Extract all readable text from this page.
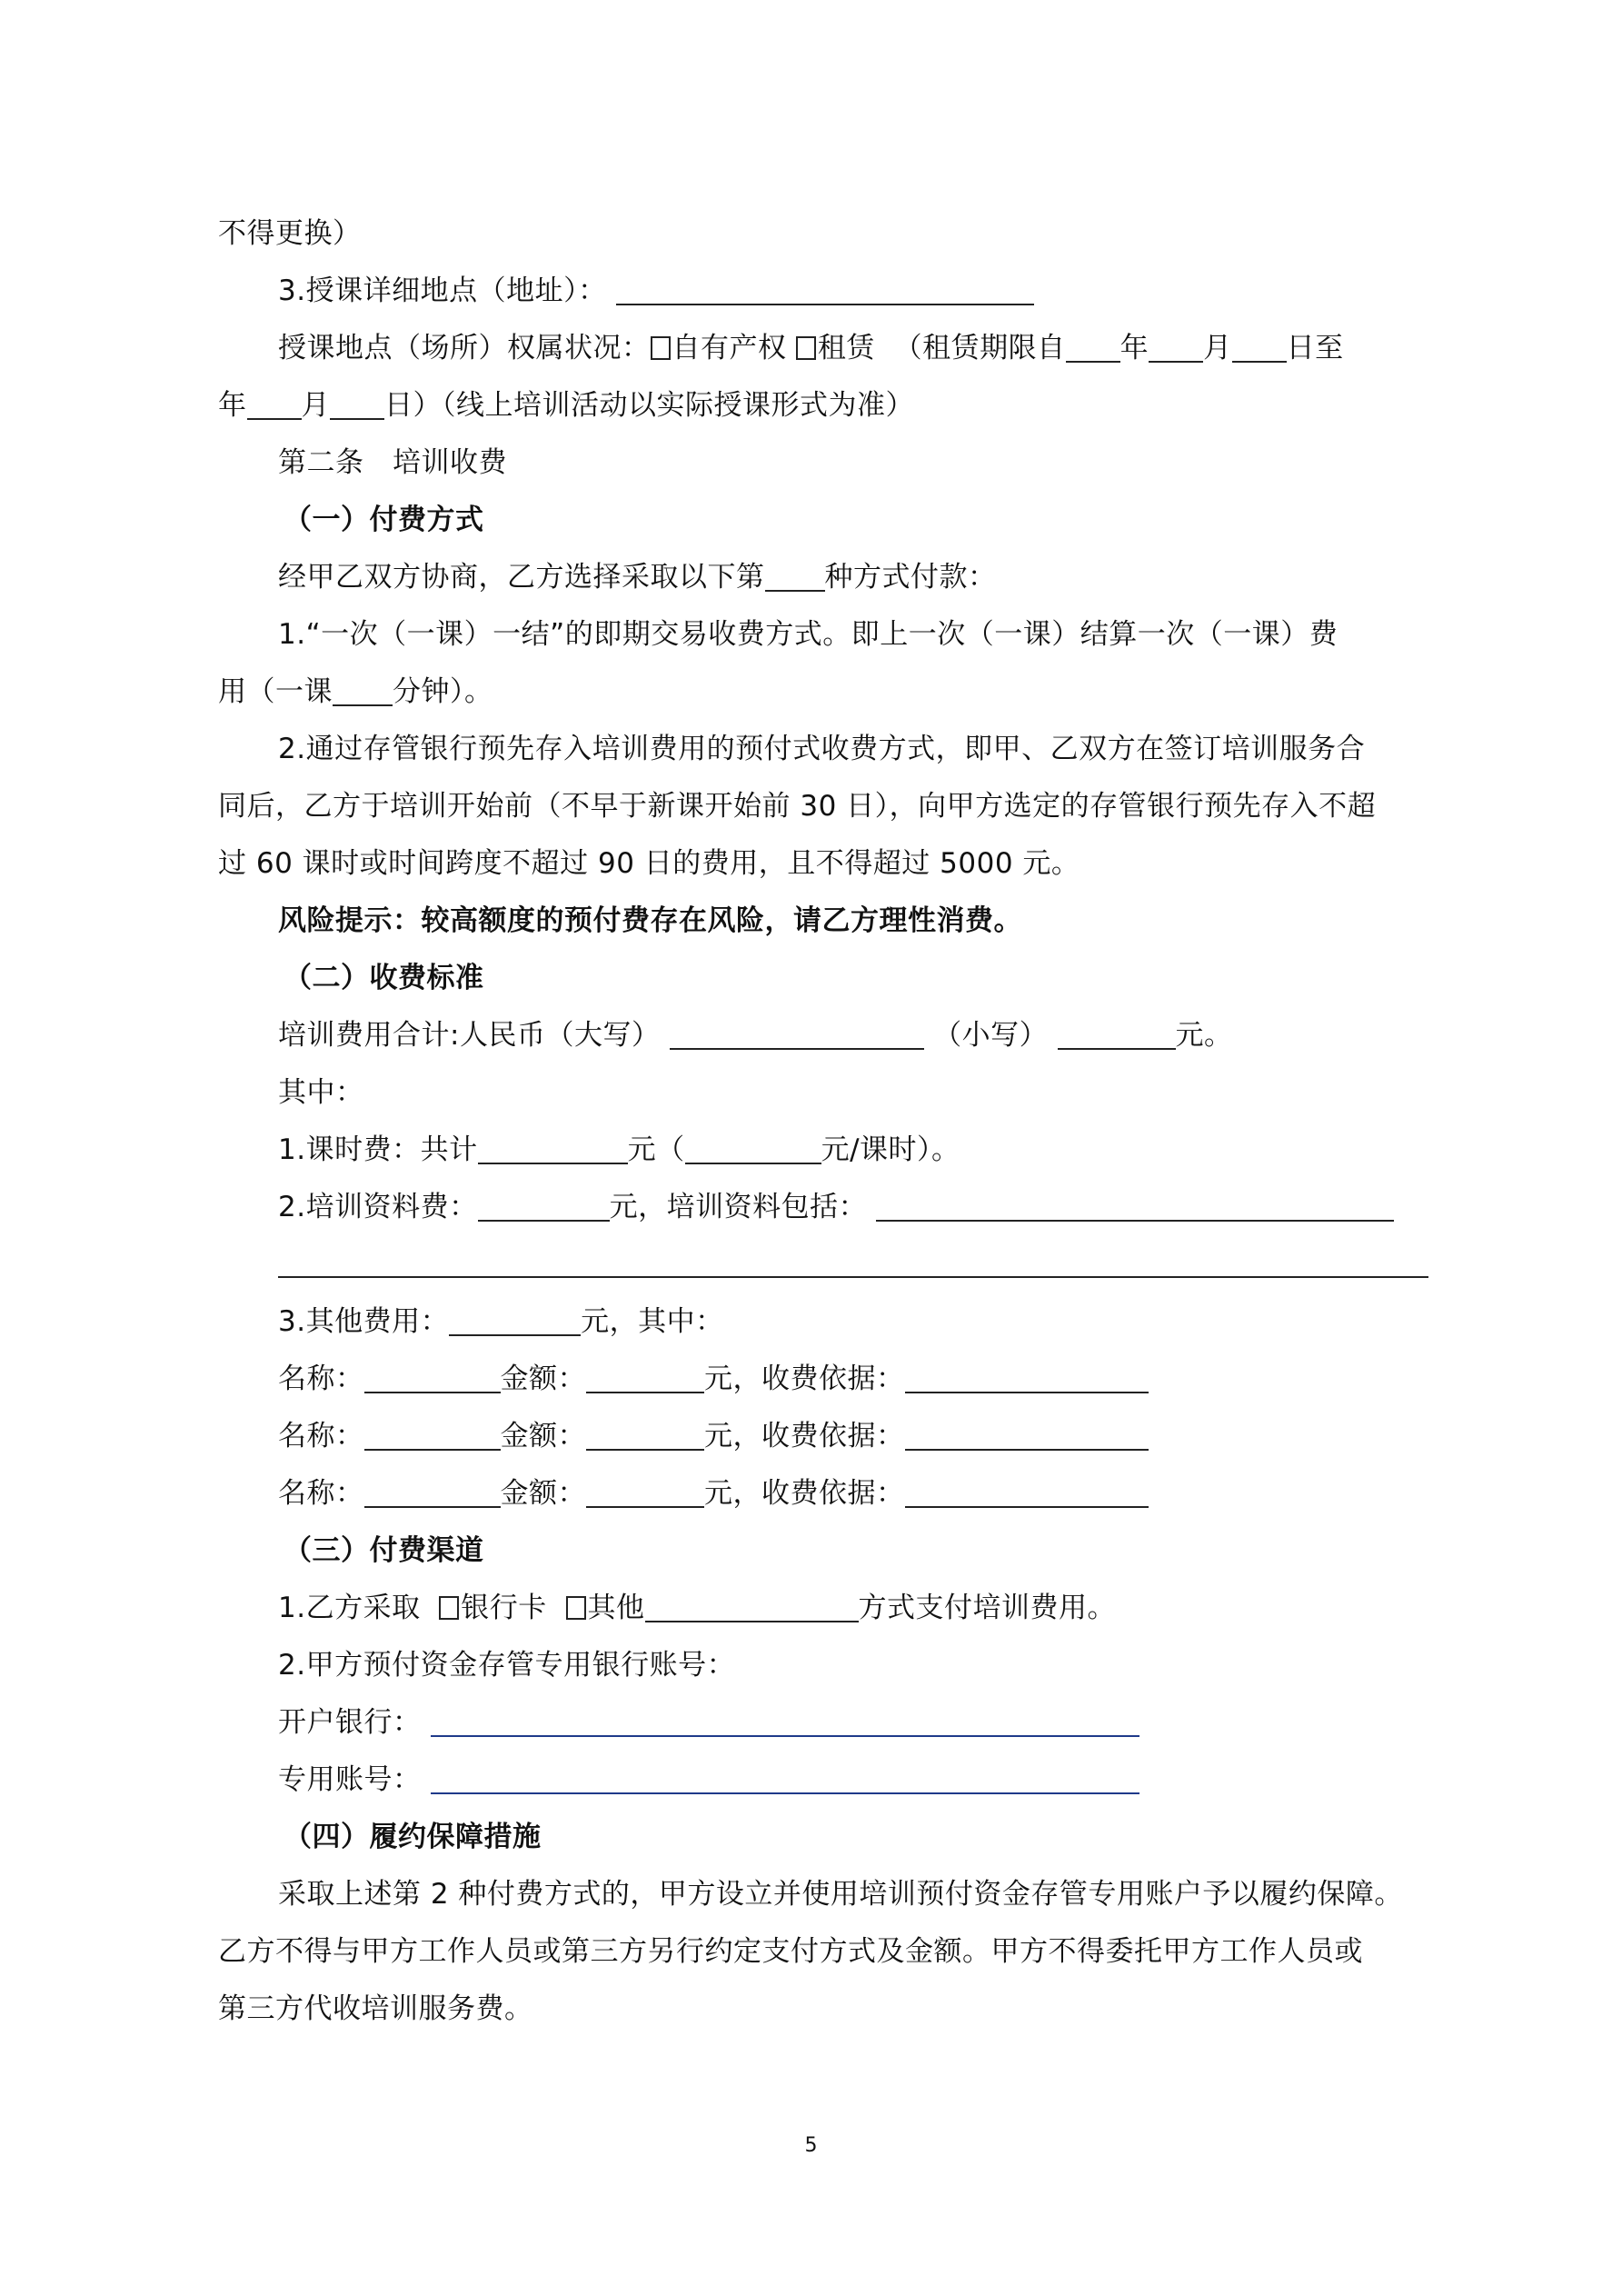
不得更换）
3.授课详细地点（地址）：
授课地点（场所）权属状况： 自有产权 租赁 （租赁期限自 年 月 日至
年 月 日）（线上培训活动以实际授课形式为准）
第二条　培训收费
（一）付费方式
经甲乙双方协商，乙方选择采取以下第 种方式付款：
1.“一次（一课）一结”的即期交易收费方式。即上一次（一课）结算一次（一课）费
用（一课 分钟）。
2.通过存管银行预先存入培训费用的预付式收费方式，即甲、乙双方在签订培训服务合
同后，乙方于培训开始前（不早于新课开始前 30 日），向甲方选定的存管银行预先存入不超
过 60 课时或时间跨度不超过 90 日的费用，且不得超过 5000 元。
风险提示：较高额度的预付费存在风险，请乙方理性消费。
（二）收费标准
培训费用合计:人民币（大写）	（小写）	元。
其中：
1.课时费：共计	元（	元/课时）。
2.培训资料费：	元，培训资料包括：
3.其他费用：	元，其中：
名称：	金额：	元，收费依据：
名称：	金额：	元，收费依据：
名称：	金额：	元，收费依据：
（三）付费渠道
1.乙方采取 银行卡 其他	方式支付培训费用。
2.甲方预付资金存管专用银行账号：
开户银行：
专用账号：
（四）履约保障措施
采取上述第 2 种付费方式的，甲方设立并使用培训预付资金存管专用账户予以履约保障。
乙方不得与甲方工作人员或第三方另行约定支付方式及金额。甲方不得委托甲方工作人员或
第三方代收培训服务费。
5
